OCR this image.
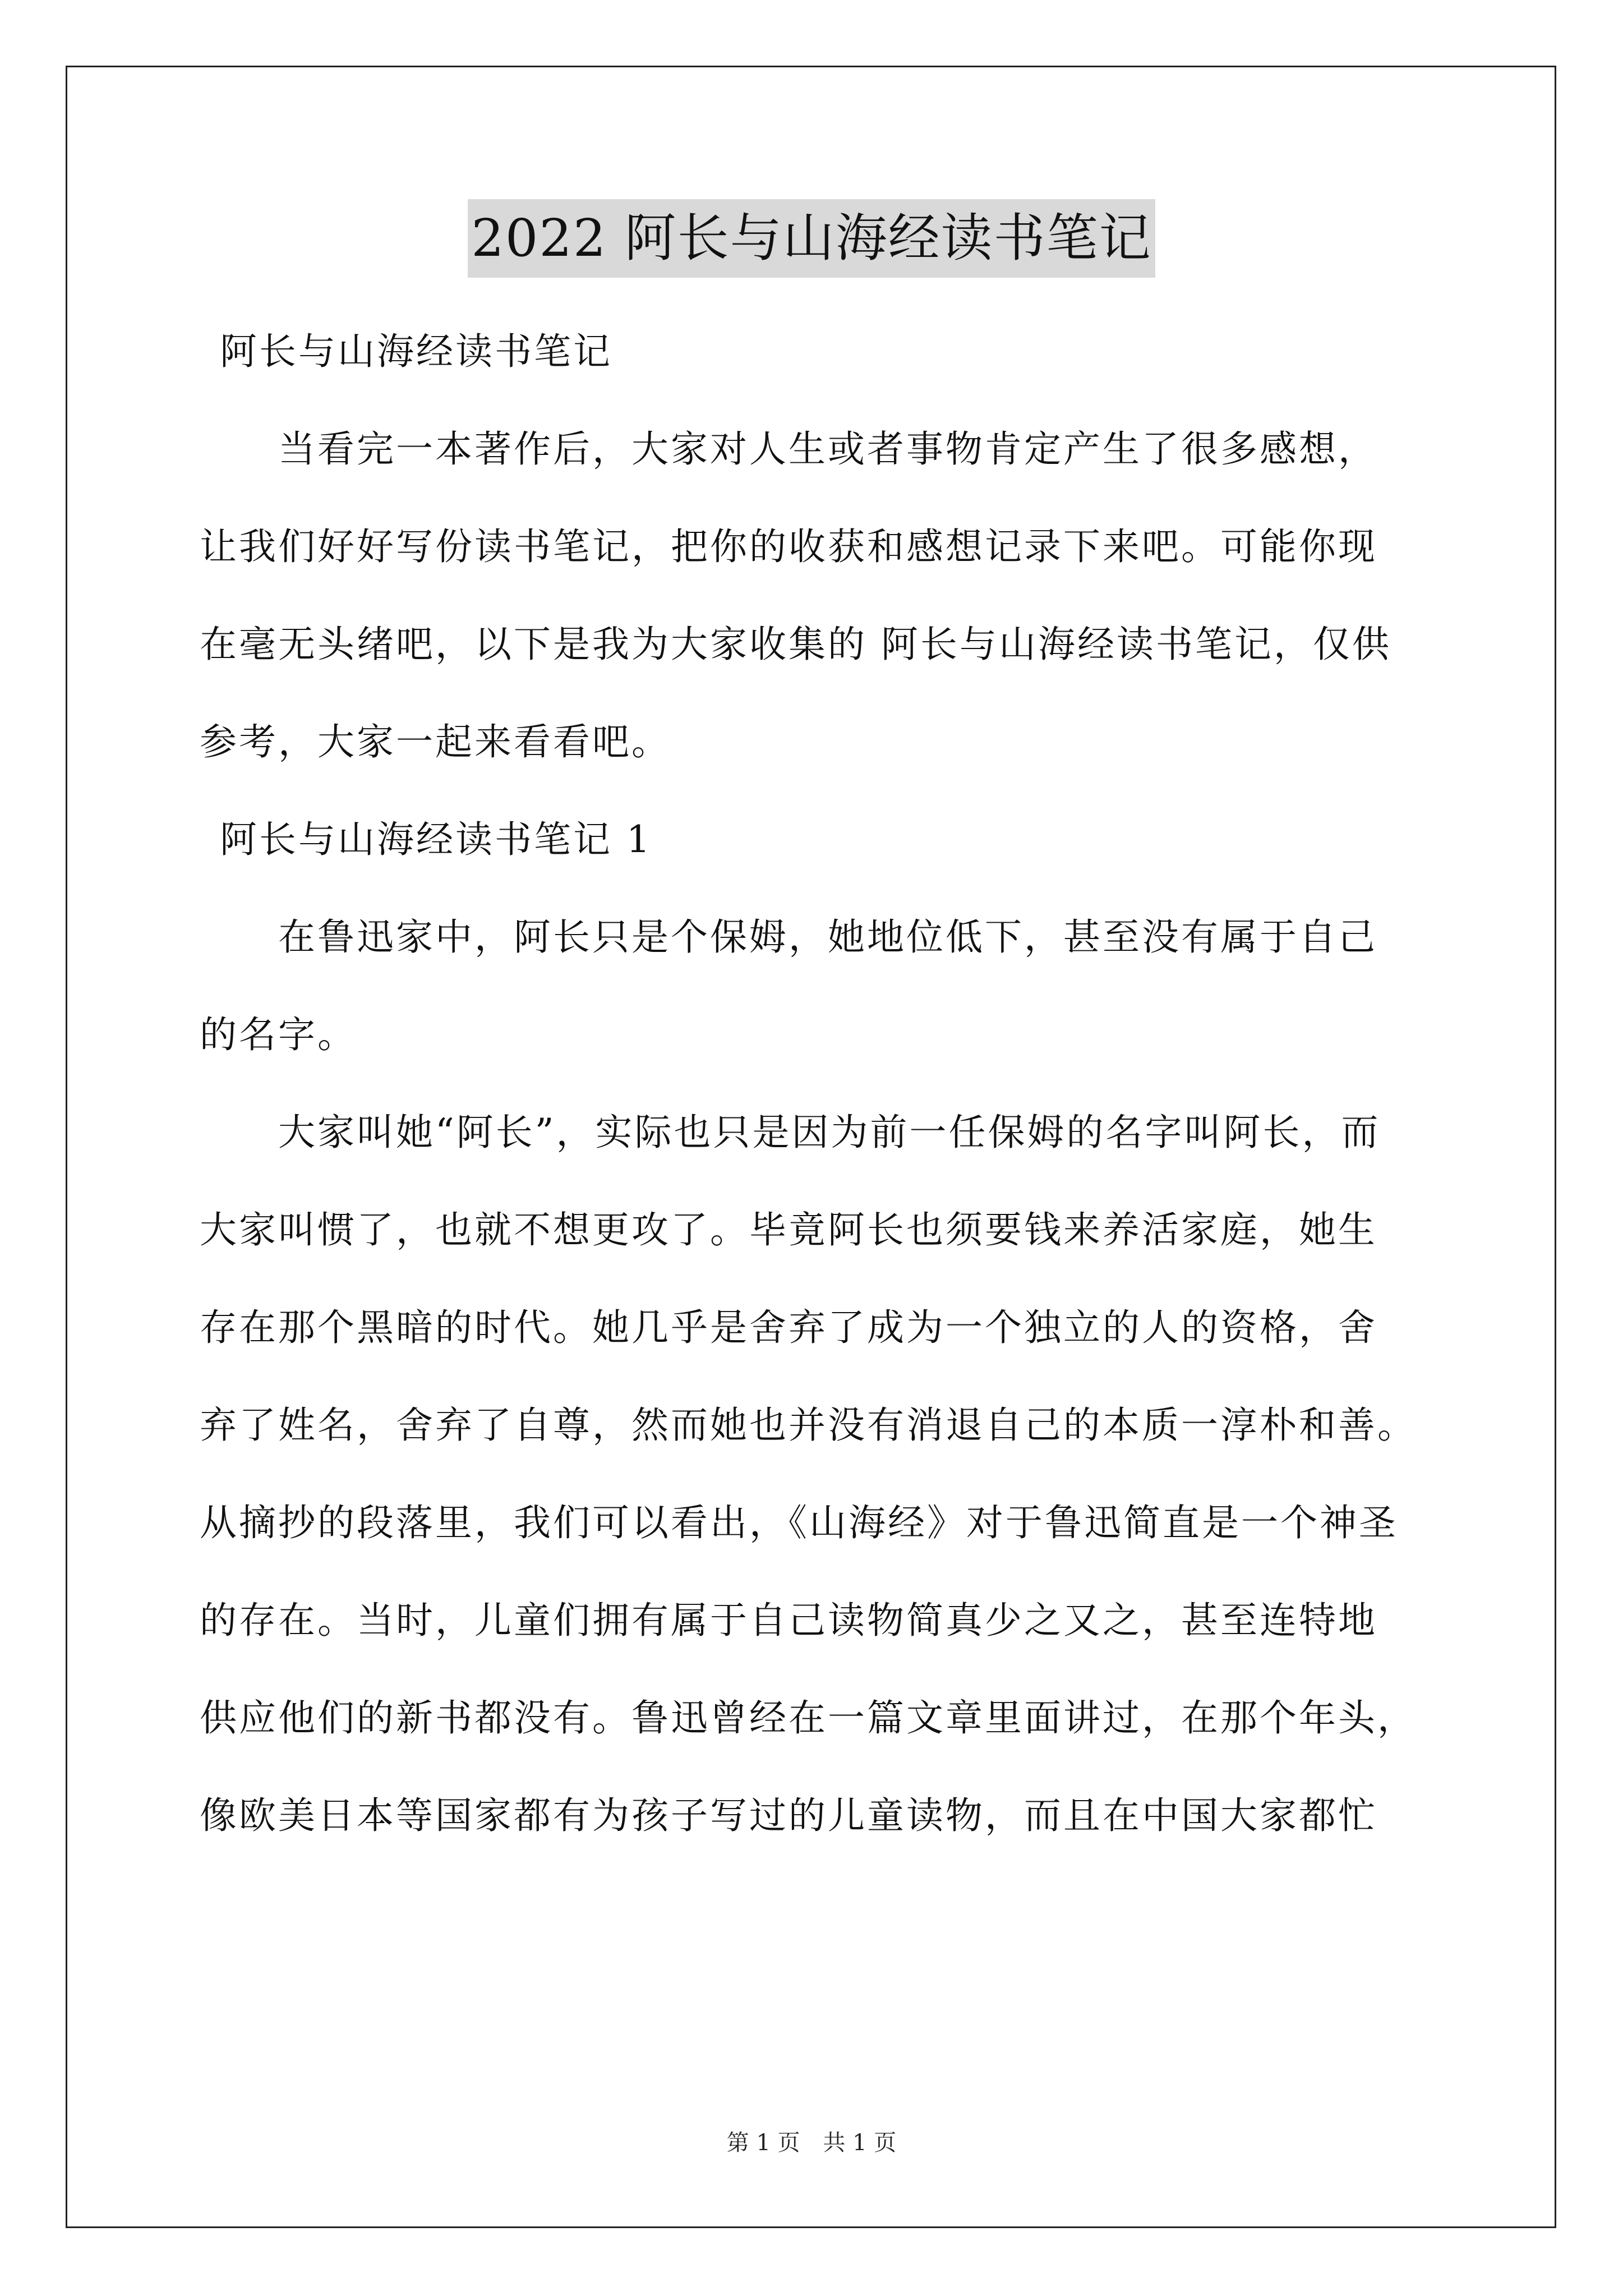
2022 阿长与山海经读书笔记

阿长与山海经读书笔记

当看完一本著作后，大家对人生或者事物肯定产生了很多感想，

让我们好好写份读书笔记，把你的收获和感想记录下来吧。可能你现

在毫无头绪吧，以下是我为大家收集的 阿长与山海经读书笔记，仅供

参考，大家一起来看看吧。

阿长与山海经读书笔记 1

在鲁迅家中，阿长只是个保姆，她地位低下，甚至没有属于自己

的名字。

大家叫她“阿长”，实际也只是因为前一任保姆的名字叫阿长，而

大家叫惯了，也就不想更攻了。毕竟阿长也须要钱来养活家庭，她生

存在那个黑暗的时代。她几乎是舍弃了成为一个独立的人的资格，舍

弃了姓名，舍弃了自尊，然而她也并没有消退自己的本质一淳朴和善。

从摘抄的段落里，我们可以看出，《山海经》对于鲁迅简直是一个神圣

的存在。当时，儿童们拥有属于自己读物简真少之又之，甚至连特地

供应他们的新书都没有。鲁迅曾经在一篇文章里面讲过，在那个年头，

像欧美日本等国家都有为孩子写过的儿童读物，而且在中国大家都忙

第 1 页 共 1 页
